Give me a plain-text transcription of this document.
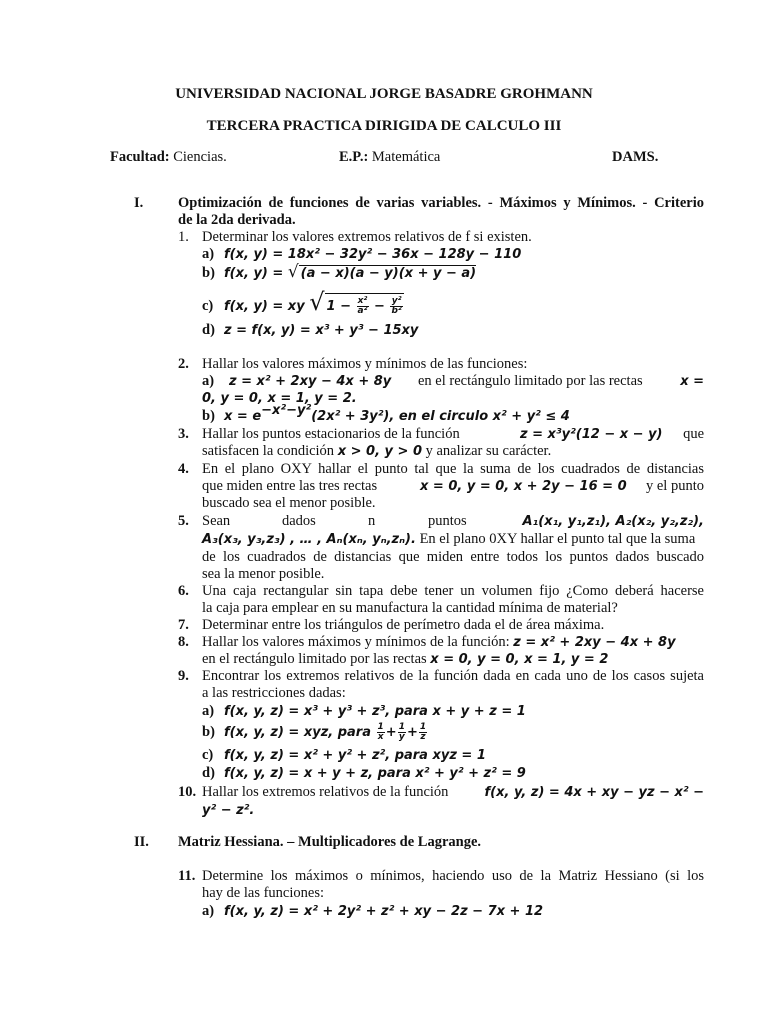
UNIVERSIDAD NACIONAL JORGE BASADRE GROHMANN
TERCERA PRACTICA DIRIGIDA DE CALCULO III
Facultad: Ciencias.	E.P.: Matemática	DAMS.
I. Optimización de funciones de varias variables. - Máximos y Mínimos. - Criterio
de la 2da derivada.
1. Determinar los valores extremos relativos de f si existen.
a) f(x, y) = 18x² − 32y² − 36x − 128y − 110
b) f(x, y) = √ (a − x)(a − y)(x + y − a)
c) f(x, y) = xy √ $1 - \frac{\text{x²}}{\text{a²}} - \frac{\text{y²}}{\text{b²}}$
d) z = f(x, y) = x³ + y³ − 15xy
2. Hallar los valores máximos y mínimos de las funciones:
a) z = x² + 2xy − 4x + 8y en el rectángulo limitado por las rectas	x =
0, y = 0, x = 1, y = 2.
b) $x = e^{-x^2-y^2}(2x^2 + 3y^2)$, en el circulo x² + y² ≤ 4
3. Hallar los puntos estacionarios de la función	z = x³y²(12 − x − y) que
satisfacen la condición x > 0, y > 0 y analizar su carácter.
4. En el plano OXY hallar el punto tal que la suma de los cuadrados de distancias
que miden entre las tres rectas	x = 0, y = 0, x + 2y − 16 = 0 y el punto
buscado sea el menor posible.
5. Sean	dados	n	puntos	A₁(x₁, y₁,z₁), A₂(x₂, y₂,z₂),
A₃(x₃, y₃,z₃) , … , Aₙ(xₙ, yₙ,zₙ). En el plano 0XY hallar el punto tal que la suma
de los cuadrados de distancias que miden entre todos los puntos dados buscado
sea la menor posible.
6. Una caja rectangular sin tapa debe tener un volumen fijo ¿Como deberá hacerse
la caja para emplear en su manufactura la cantidad mínima de material?
7. Determinar entre los triángulos de perímetro dada el de área máxima.
8. Hallar los valores máximos y mínimos de la función: z = x² + 2xy − 4x + 8y
en el rectángulo limitado por las rectas x = 0, y = 0, x = 1, y = 2
9. Encontrar los extremos relativos de la función dada en cada uno de los casos sujeta
a las restricciones dadas:
a) f(x, y, z) = x³ + y³ + z³, para x + y + z = 1
b) f(x, y, z) = xyz, para $\frac{1}{x} + \frac{1}{y} + \frac{1}{z}$
c) f(x, y, z) = x² + y² + z², para xyz = 1
d) f(x, y, z) = x + y + z, para x² + y² + z² = 9
10. Hallar los extremos relativos de la función	f(x, y, z) = 4x + xy − yz − x² −
y² − z².
II. Matriz Hessiana. – Multiplicadores de Lagrange.
11. Determine los máximos o mínimos, haciendo uso de la Matriz Hessiano (si los
hay de las funciones:
a) f(x, y, z) = x² + 2y² + z² + xy − 2z − 7x + 12
